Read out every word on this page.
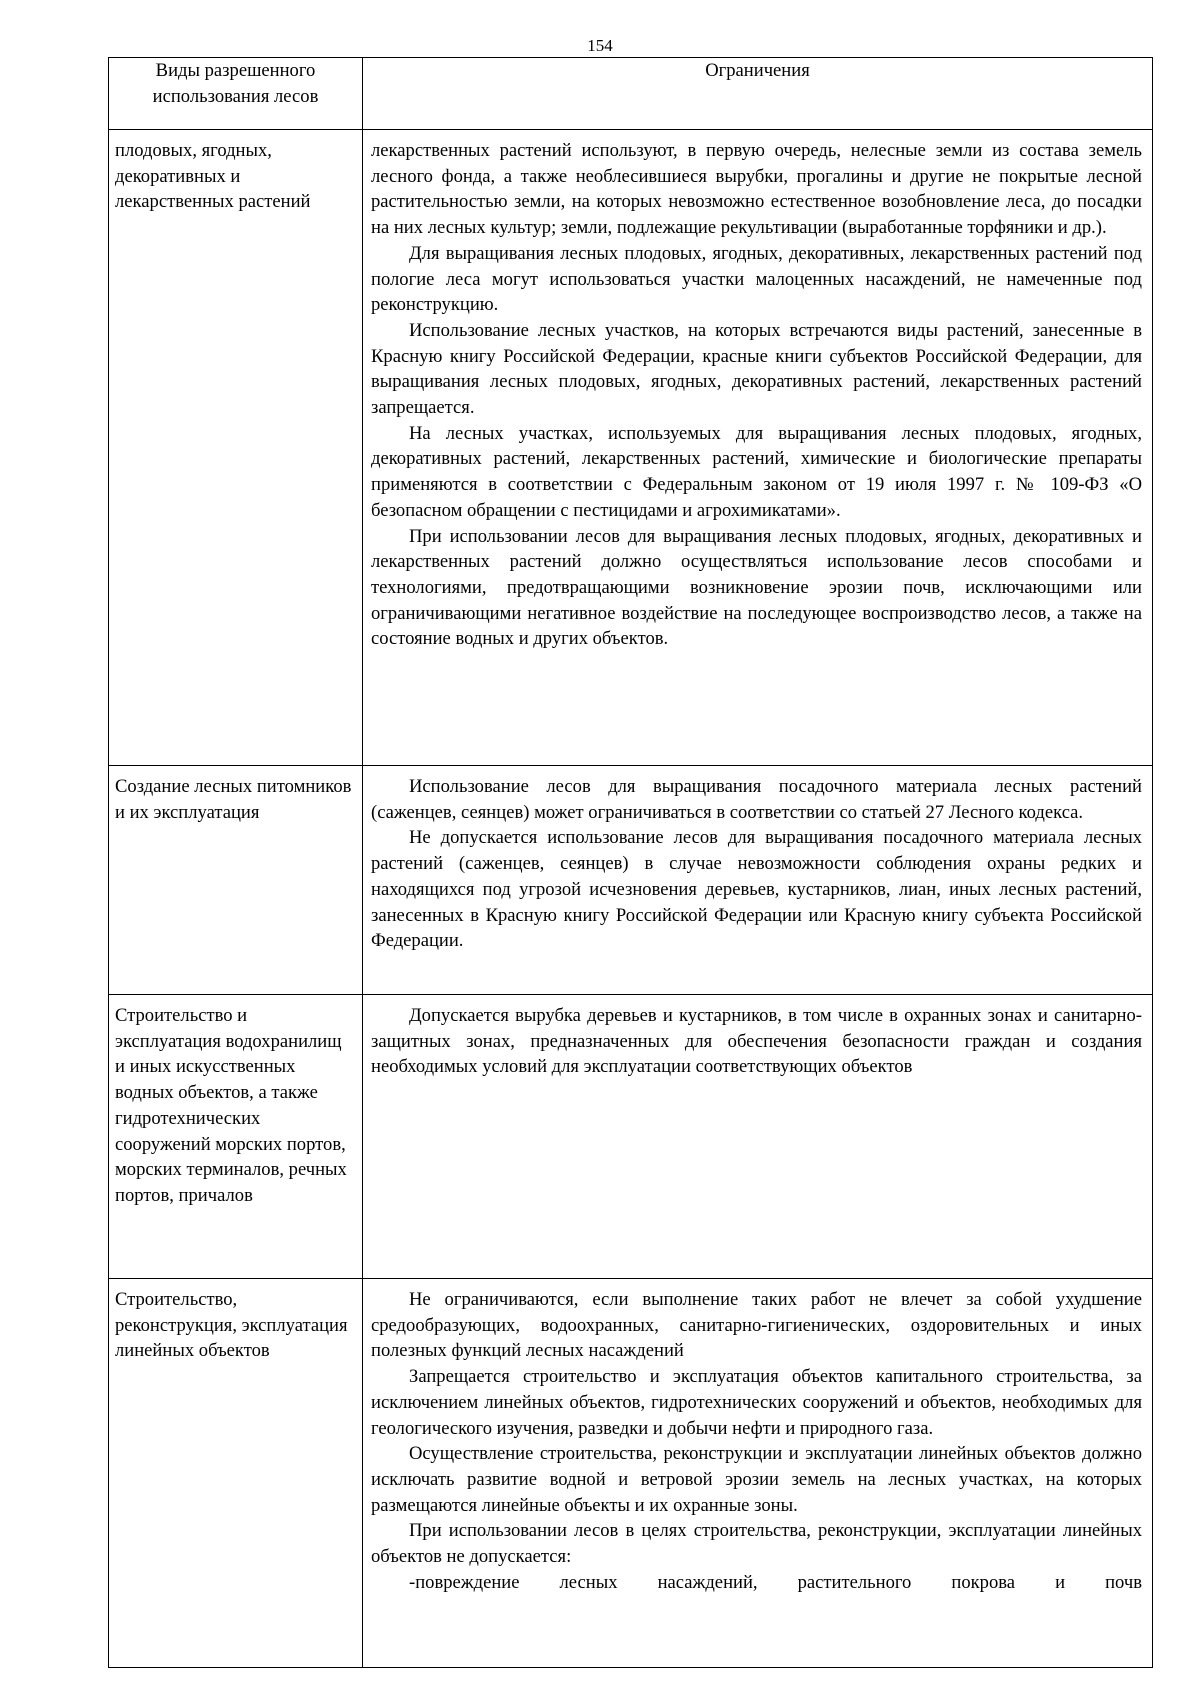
154
Виды разрешенного использования лесов	Ограничения
плодовых, ягодных, декоративных и лекарственных растений	лекарственных растений используют, в первую очередь, нелесные земли из состава земель лесного фонда, а также необлесившиеся вырубки, прогалины и другие не покрытые лесной растительностью земли, на которых невозможно естественное возобновление леса, до посадки на них лесных культур; земли, подлежащие рекультивации (выработанные торфяники и др.).

Для выращивания лесных плодовых, ягодных, декоративных, лекарственных растений под пологие леса могут использоваться участки малоценных насаждений, не намеченные под реконструкцию.

Использование лесных участков, на которых встречаются виды растений, занесенные в Красную книгу Российской Федерации, красные книги субъектов Российской Федерации, для выращивания лесных плодовых, ягодных, декоративных растений, лекарственных растений запрещается.

На лесных участках, используемых для выращивания лесных плодовых, ягодных, декоративных растений, лекарственных растений, химические и биологические препараты применяются в соответствии с Федеральным законом от 19 июля 1997 г. № 109-ФЗ «О безопасном обращении с пестицидами и агрохимикатами».

При использовании лесов для выращивания лесных плодовых, ягодных, декоративных и лекарственных растений должно осуществляться использование лесов способами и технологиями, предотвращающими возникновение эрозии почв, исключающими или ограничивающими негативное воздействие на последующее воспроизводство лесов, а также на состояние водных и других объектов.

Создание лесных питомников и их эксплуатация	Использование лесов для выращивания посадочного материала лесных растений (саженцев, сеянцев) может ограничиваться в соответствии со статьей 27 Лесного кодекса.

Не допускается использование лесов для выращивания посадочного материала лесных растений (саженцев, сеянцев) в случае невозможности соблюдения охраны редких и находящихся под угрозой исчезновения деревьев, кустарников, лиан, иных лесных растений, занесенных в Красную книгу Российской Федерации или Красную книгу субъекта Российской Федерации.

Строительство и эксплуатация водохранилищ и иных искусственных водных объектов, а также гидротехнических сооружений морских портов, морских терминалов, речных портов, причалов	Допускается вырубка деревьев и кустарников, в том числе в охранных зонах и санитарно-защитных зонах, предназначенных для обеспечения безопасности граждан и создания необходимых условий для эксплуатации соответствующих объектов

Строительство, реконструкция, эксплуатация линейных объектов	Не ограничиваются, если выполнение таких работ не влечет за собой ухудшение средообразующих, водоохранных, санитарно-гигиенических, оздоровительных и иных полезных функций лесных насаждений

Запрещается строительство и эксплуатация объектов капитального строительства, за исключением линейных объектов, гидротехнических сооружений и объектов, необходимых для геологического изучения, разведки и добычи нефти и природного газа.

Осуществление строительства, реконструкции и эксплуатации линейных объектов должно исключать развитие водной и ветровой эрозии земель на лесных участках, на которых размещаются линейные объекты и их охранные зоны.

При использовании лесов в целях строительства, реконструкции, эксплуатации линейных объектов не допускается:

-повреждение лесных насаждений, растительного покрова и почв
